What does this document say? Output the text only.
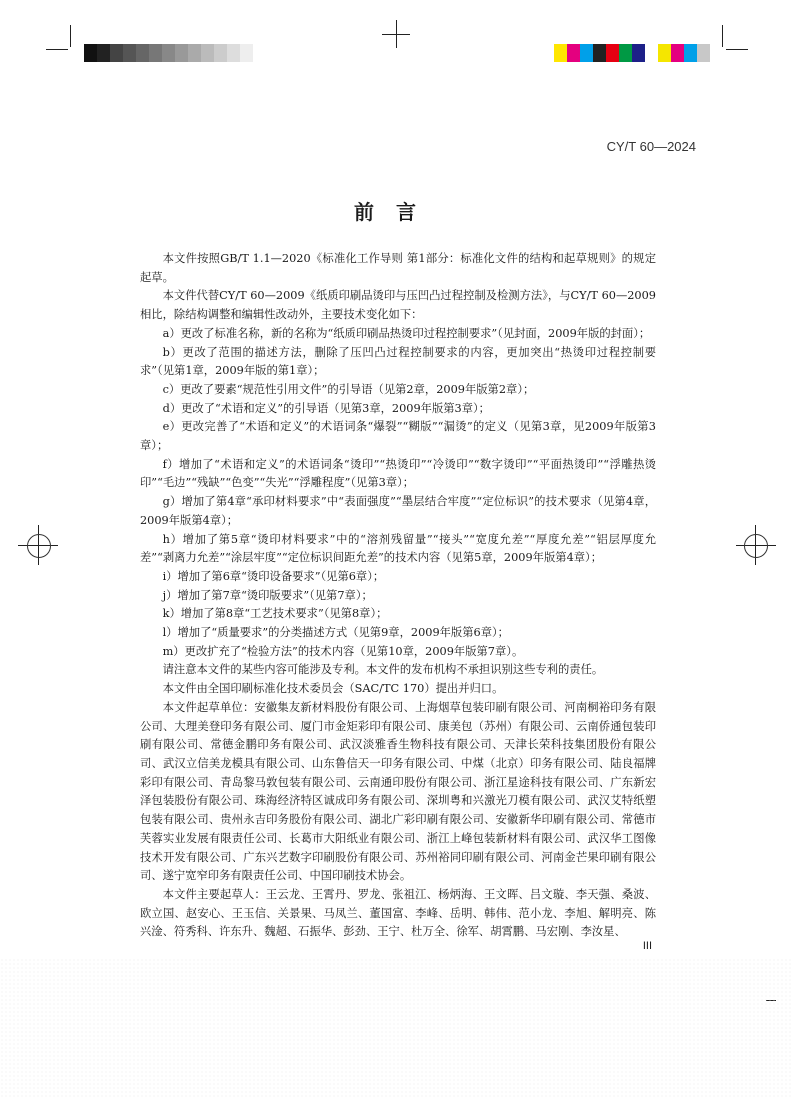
CY/T 60—2024
前言

本文件按照GB/T 1.1—2020《标准化工作导则 第1部分：标准化文件的结构和起草规则》的规定起草。

本文件代替CY/T 60—2009《纸质印刷品烫印与压凹凸过程控制及检测方法》，与CY/T 60—2009相比，除结构调整和编辑性改动外，主要技术变化如下：

a）更改了标准名称，新的名称为“纸质印刷品热烫印过程控制要求”（见封面，2009年版的封面）；

b）更改了范围的描述方法，删除了压凹凸过程控制要求的内容，更加突出“热烫印过程控制要求”（见第1章，2009年版的第1章）；

c）更改了要素“规范性引用文件”的引导语（见第2章，2009年版第2章）；

d）更改了“术语和定义”的引导语（见第3章，2009年版第3章）；

e）更改完善了“术语和定义”的术语词条“爆裂”“糊版”“漏烫”的定义（见第3章，见2009年版第3章）；

f）增加了“术语和定义”的术语词条“烫印”“热烫印”“冷烫印”“数字烫印”“平面热烫印”“浮雕热烫印”“毛边”“残缺”“色变”“失光”“浮雕程度”（见第3章）；

g）增加了第4章“承印材料要求”中“表面强度”“墨层结合牢度”“定位标识”的技术要求（见第4章，2009年版第4章）；

h）增加了第5章“烫印材料要求”中的“溶剂残留量”“接头”“宽度允差”“厚度允差”“铝层厚度允差”“剥离力允差”“涂层牢度”“定位标识间距允差”的技术内容（见第5章，2009年版第4章）；

i）增加了第6章“烫印设备要求”（见第6章）；

j）增加了第7章“烫印版要求”（见第7章）；

k）增加了第8章“工艺技术要求”（见第8章）；

l）增加了“质量要求”的分类描述方式（见第9章，2009年版第6章）；

m）更改扩充了“检验方法”的技术内容（见第10章，2009年版第7章）。

请注意本文件的某些内容可能涉及专利。本文件的发布机构不承担识别这些专利的责任。

本文件由全国印刷标准化技术委员会（SAC/TC 170）提出并归口。

本文件起草单位：安徽集友新材料股份有限公司、上海烟草包装印刷有限公司、河南桐裕印务有限公司、大理美登印务有限公司、厦门市金矩彩印有限公司、康美包（苏州）有限公司、云南侨通包装印刷有限公司、常德金鹏印务有限公司、武汉淡雅香生物科技有限公司、天津长荣科技集团股份有限公司、武汉立信美龙模具有限公司、山东鲁信天一印务有限公司、中煤（北京）印务有限公司、陆良福牌彩印有限公司、青岛黎马敦包装有限公司、云南通印股份有限公司、浙江星途科技有限公司、广东新宏泽包装股份有限公司、珠海经济特区诚成印务有限公司、深圳粤和兴激光刀模有限公司、武汉艾特纸塑包装有限公司、贵州永吉印务股份有限公司、湖北广彩印刷有限公司、安徽新华印刷有限公司、常德市芙蓉实业发展有限责任公司、长葛市大阳纸业有限公司、浙江上峰包装新材料有限公司、武汉华工图像技术开发有限公司、广东兴艺数字印刷股份有限公司、苏州裕同印刷有限公司、河南金芒果印刷有限公司、遂宁宽窄印务有限责任公司、中国印刷技术协会。

本文件主要起草人：王云龙、王霄丹、罗龙、张祖江、杨炳海、王文晖、吕文璇、李天强、桑波、欧立国、赵安心、王玉信、关景果、马凤兰、董国富、李峰、岳明、韩伟、范小龙、李旭、解明亮、陈兴淦、符秀科、许东升、魏超、石振华、彭劲、王宁、杜万全、徐军、胡霄鹏、马宏刚、李汝星、

III
